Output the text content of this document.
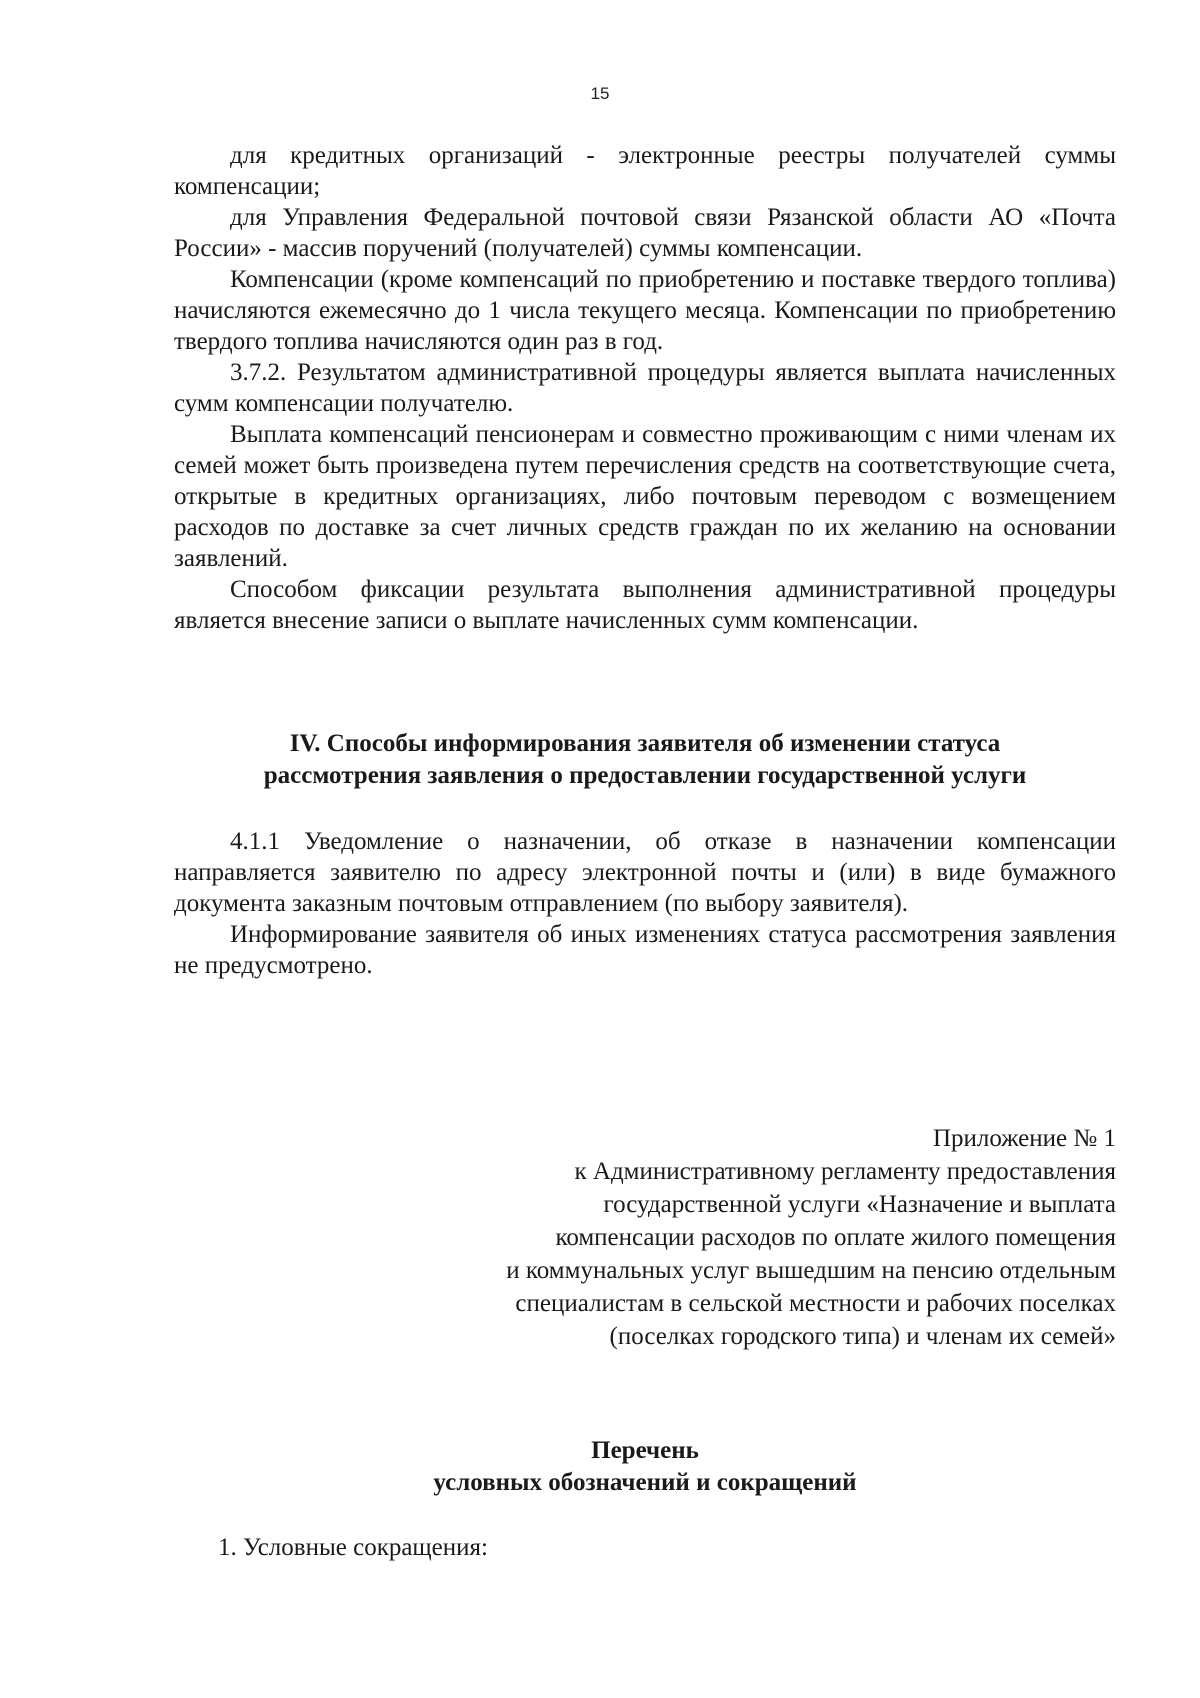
15

для кредитных организаций - электронные реестры получателей суммы компенсации;

для Управления Федеральной почтовой связи Рязанской области АО «Почта России» - массив поручений (получателей) суммы компенсации.

Компенсации (кроме компенсаций по приобретению и поставке твердого топлива) начисляются ежемесячно до 1 числа текущего месяца. Компенсации по приобретению твердого топлива начисляются один раз в год.

3.7.2. Результатом административной процедуры является выплата начисленных сумм компенсации получателю.

Выплата компенсаций пенсионерам и совместно проживающим с ними членам их семей может быть произведена путем перечисления средств на соответствующие счета, открытые в кредитных организациях, либо почтовым переводом с возмещением расходов по доставке за счет личных средств граждан по их желанию на основании заявлений.

Способом фиксации результата выполнения административной процедуры является внесение записи о выплате начисленных сумм компенсации.

IV. Способы информирования заявителя об изменении статуса
рассмотрения заявления о предоставлении государственной услуги

4.1.1 Уведомление о назначении, об отказе в назначении компенсации направляется заявителю по адресу электронной почты и (или) в виде бумажного документа заказным почтовым отправлением (по выбору заявителя).

Информирование заявителя об иных изменениях статуса рассмотрения заявления не предусмотрено.

Приложение № 1
к Административному регламенту предоставления
государственной услуги «Назначение и выплата
компенсации расходов по оплате жилого помещения
и коммунальных услуг вышедшим на пенсию отдельным
специалистам в сельской местности и рабочих поселках
(поселках городского типа) и членам их семей»
Перечень
условных обозначений и сокращений
1. Условные сокращения:
